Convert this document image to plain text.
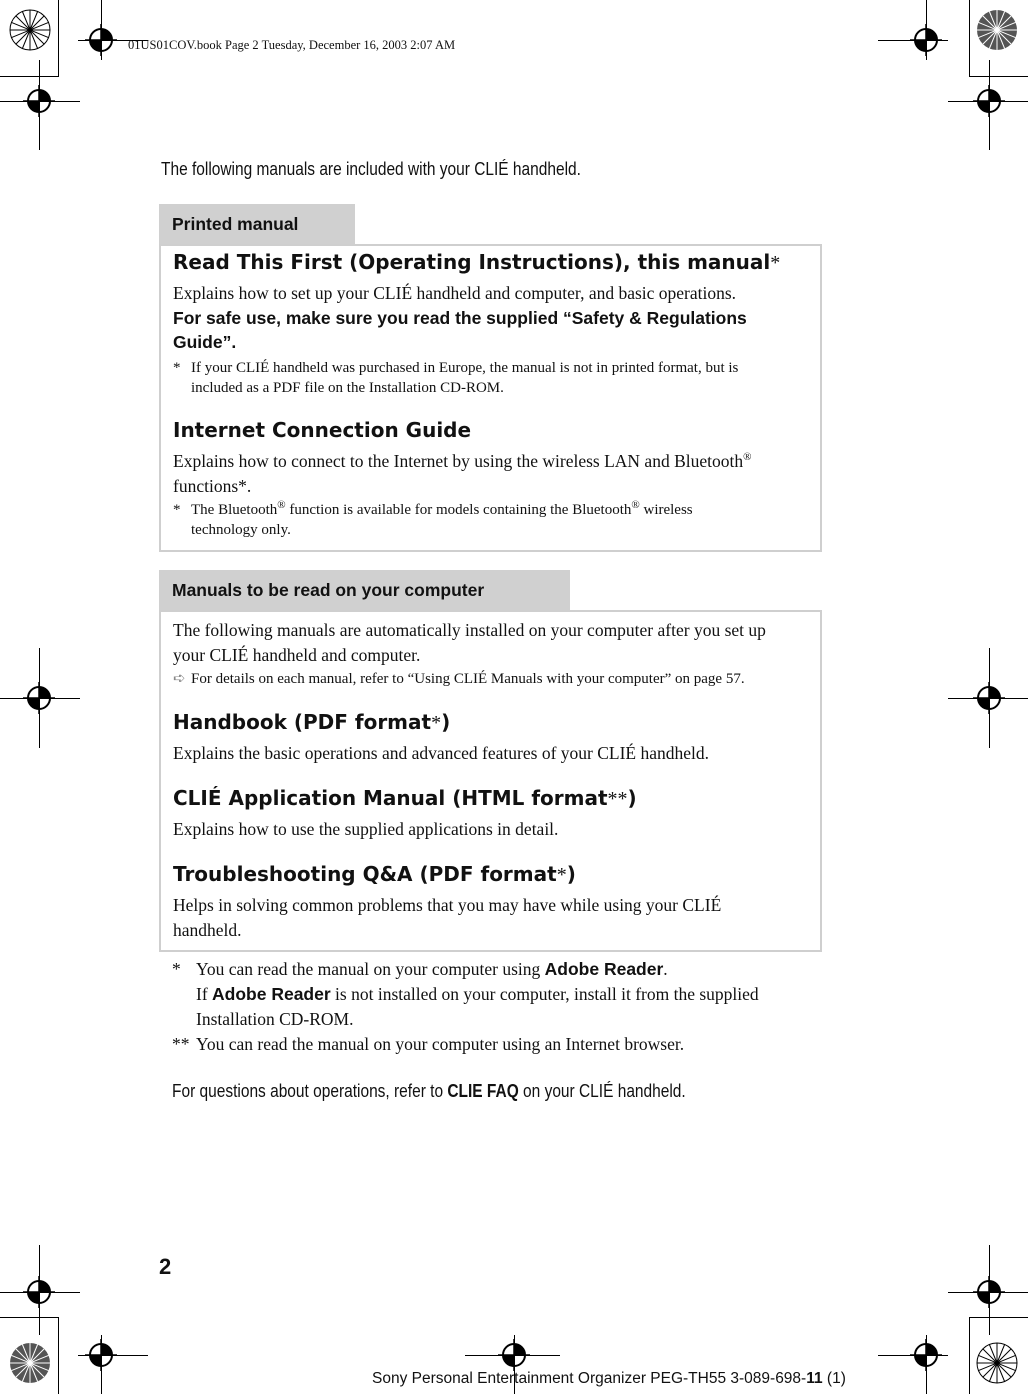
01US01COV.book Page 2 Tuesday, December 16, 2003 2:07 AM
The following manuals are included with your CLIÉ handheld.
Printed manual
Read This First (Operating Instructions), this manual*
Explains how to set up your CLIÉ handheld and computer, and basic operations.
For safe use, make sure you read the supplied “Safety & Regulations
Guide”.
* If your CLIÉ handheld was purchased in Europe, the manual is not in printed format, but is
included as a PDF file on the Installation CD-ROM.
Internet Connection Guide
Explains how to connect to the Internet by using the wireless LAN and Bluetooth®
functions*.
* The Bluetooth® function is available for models containing the Bluetooth® wireless
technology only.
Manuals to be read on your computer
The following manuals are automatically installed on your computer after you set up
your CLIÉ handheld and computer.
➪ For details on each manual, refer to “Using CLIÉ Manuals with your computer” on page 57.
Handbook (PDF format*)
Explains the basic operations and advanced features of your CLIÉ handheld.
CLIÉ Application Manual (HTML format**)
Explains how to use the supplied applications in detail.
Troubleshooting Q&A (PDF format*)
Helps in solving common problems that you may have while using your CLIÉ
handheld.
* You can read the manual on your computer using Adobe Reader.
If Adobe Reader is not installed on your computer, install it from the supplied
Installation CD-ROM.
** You can read the manual on your computer using an Internet browser.
For questions about operations, refer to CLIE FAQ on your CLIÉ handheld.
2
Sony Personal Entertainment Organizer PEG-TH55 3-089-698-11 (1)
